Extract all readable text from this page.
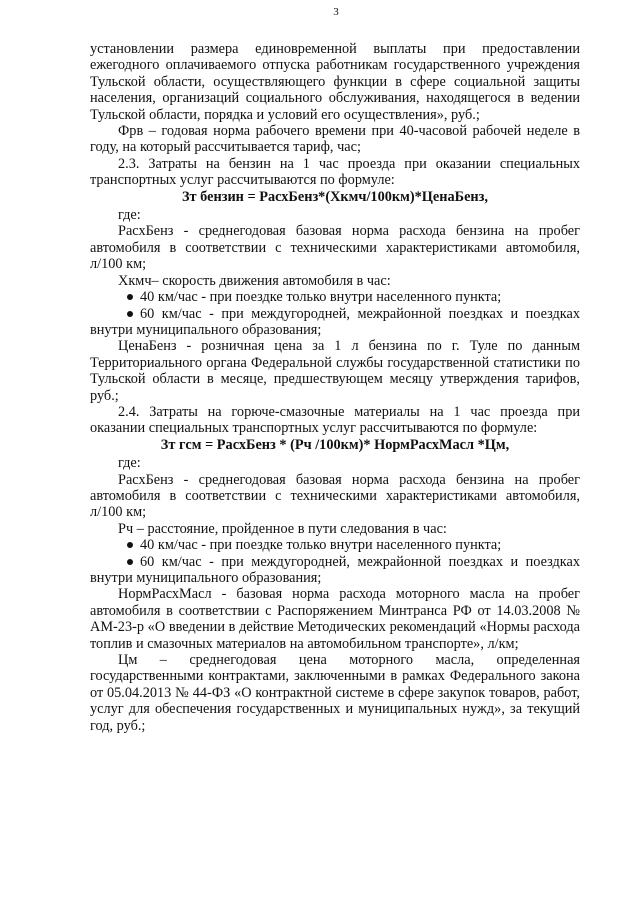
3

установлении размера единовременной выплаты при предоставлении ежегодного оплачиваемого отпуска работникам государственного учреждения Тульской области, осуществляющего функции в сфере социальной защиты населения, организаций социального обслуживания, находящегося в ведении Тульской области, порядка и условий его осуществления», руб.;

Фрв – годовая норма рабочего времени при 40-часовой рабочей неделе в году, на который рассчитывается тариф, час;

2.3. Затраты на бензин на 1 час проезда при оказании специальных транспортных услуг рассчитываются по формуле:

Зт бензин = РасхБенз*(Хкмч/100км)*ЦенаБенз,

где:

РасхБенз - среднегодовая базовая норма расхода бензина на пробег автомобиля в соответствии с техническими характеристиками автомобиля, л/100 км;

Хкмч– скорость движения автомобиля в час:

40 км/час - при поездке только внутри населенного пункта;

60 км/час - при междугородней, межрайонной поездках и поездках внутри муниципального образования;

ЦенаБенз - розничная цена за 1 л бензина по г. Туле по данным Территориального органа Федеральной службы государственной статистики по Тульской области в месяце, предшествующем месяцу утверждения тарифов, руб.;

2.4. Затраты на горюче-смазочные материалы на 1 час проезда при оказании специальных транспортных услуг рассчитываются по формуле:

Зт гсм = РасхБенз * (Рч /100км)* НормРасхМасл *Цм,

где:

РасхБенз - среднегодовая базовая норма расхода бензина на пробег автомобиля в соответствии с техническими характеристиками автомобиля, л/100 км;

Рч – расстояние, пройденное в пути следования в час:

40 км/час - при поездке только внутри населенного пункта;

60 км/час - при междугородней, межрайонной поездках и поездках внутри муниципального образования;

НормРасхМасл - базовая норма расхода моторного масла на пробег автомобиля в соответствии с Распоряжением Минтранса РФ от 14.03.2008 № АМ-23-р «О введении в действие Методических рекомендаций «Нормы расхода топлив и смазочных материалов на автомобильном транспорте», л/км;

Цм – среднегодовая цена моторного масла, определенная государственными контрактами, заключенными в рамках Федерального закона от 05.04.2013 № 44-ФЗ «О контрактной системе в сфере закупок товаров, работ, услуг для обеспечения государственных и муниципальных нужд», за текущий год, руб.;
